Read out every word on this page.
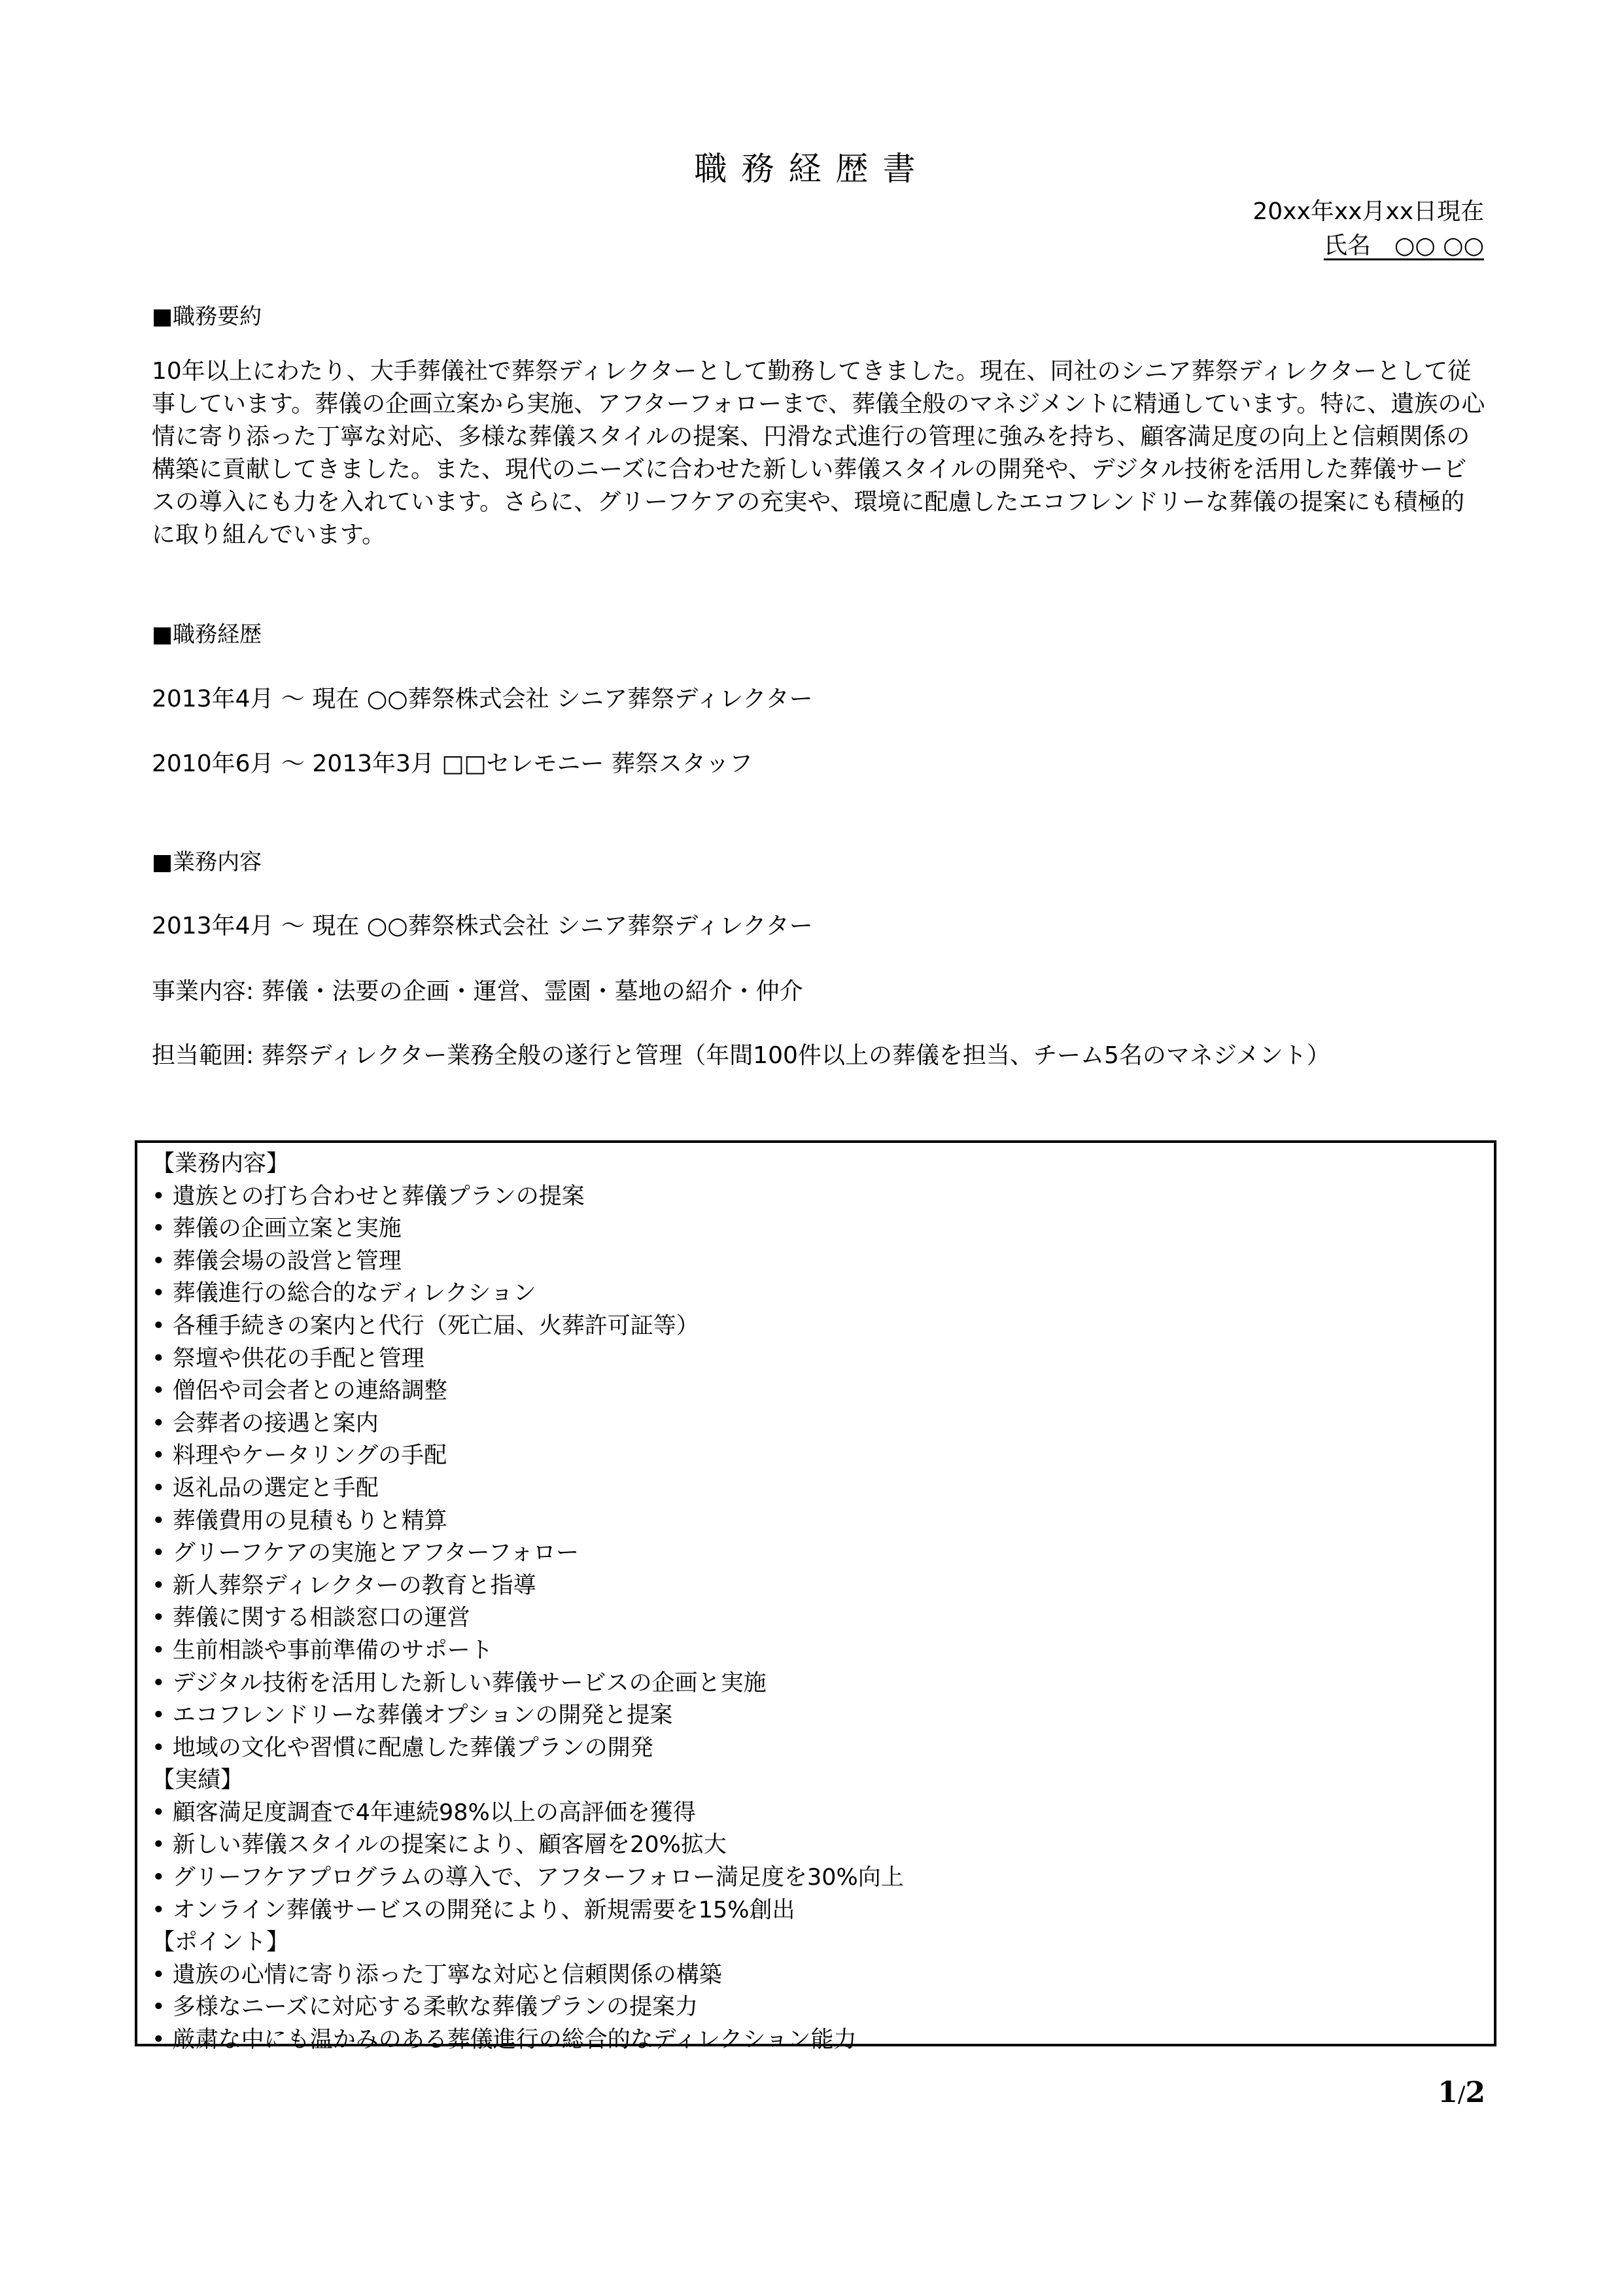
職務経歴書
20xx年xx月xx日現在
氏名　○○ ○○
■職務要約
10年以上にわたり、大手葬儀社で葬祭ディレクターとして勤務してきました。現在、同社のシニア葬祭ディレクターとして従事しています。葬儀の企画立案から実施、アフターフォローまで、葬儀全般のマネジメントに精通しています。特に、遺族の心情に寄り添った丁寧な対応、多様な葬儀スタイルの提案、円滑な式進行の管理に強みを持ち、顧客満足度の向上と信頼関係の構築に貢献してきました。また、現代のニーズに合わせた新しい葬儀スタイルの開発や、デジタル技術を活用した葬儀サービスの導入にも力を入れています。さらに、グリーフケアの充実や、環境に配慮したエコフレンドリーな葬儀の提案にも積極的に取り組んでいます。
■職務経歴
2013年4月 ～ 現在 ○○葬祭株式会社 シニア葬祭ディレクター
2010年6月 ～ 2013年3月 □□セレモニー 葬祭スタッフ
■業務内容
2013年4月 ～ 現在 ○○葬祭株式会社 シニア葬祭ディレクター
事業内容: 葬儀・法要の企画・運営、霊園・墓地の紹介・仲介
担当範囲: 葬祭ディレクター業務全般の遂行と管理（年間100件以上の葬儀を担当、チーム5名のマネジメント）
【業務内容】
• 遺族との打ち合わせと葬儀プランの提案
• 葬儀の企画立案と実施
• 葬儀会場の設営と管理
• 葬儀進行の総合的なディレクション
• 各種手続きの案内と代行（死亡届、火葬許可証等）
• 祭壇や供花の手配と管理
• 僧侶や司会者との連絡調整
• 会葬者の接遇と案内
• 料理やケータリングの手配
• 返礼品の選定と手配
• 葬儀費用の見積もりと精算
• グリーフケアの実施とアフターフォロー
• 新人葬祭ディレクターの教育と指導
• 葬儀に関する相談窓口の運営
• 生前相談や事前準備のサポート
• デジタル技術を活用した新しい葬儀サービスの企画と実施
• エコフレンドリーな葬儀オプションの開発と提案
• 地域の文化や習慣に配慮した葬儀プランの開発
【実績】
• 顧客満足度調査で4年連続98%以上の高評価を獲得
• 新しい葬儀スタイルの提案により、顧客層を20%拡大
• グリーフケアプログラムの導入で、アフターフォロー満足度を30%向上
• オンライン葬儀サービスの開発により、新規需要を15%創出
【ポイント】
• 遺族の心情に寄り添った丁寧な対応と信頼関係の構築
• 多様なニーズに対応する柔軟な葬儀プランの提案力
• 厳粛な中にも温かみのある葬儀進行の総合的なディレクション能力
1/2
